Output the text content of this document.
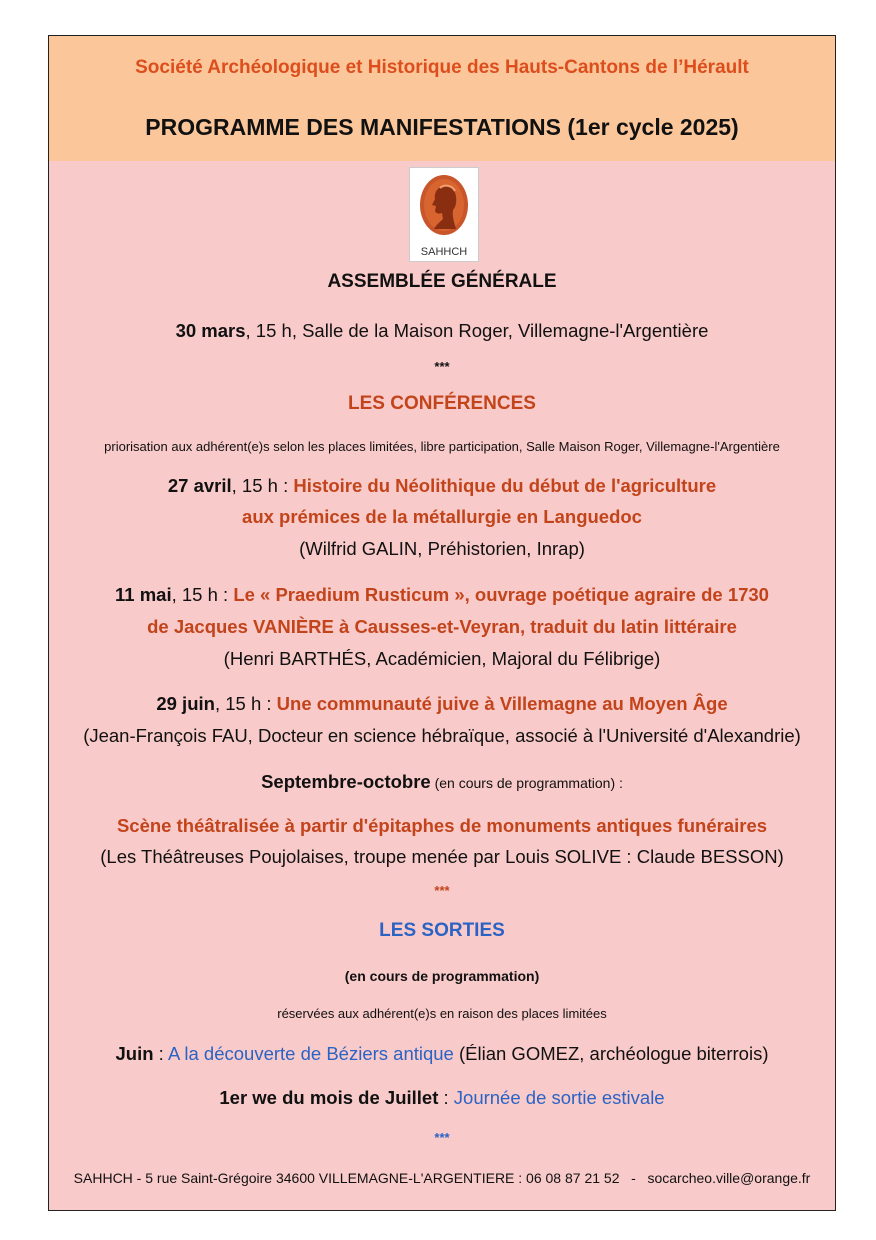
Société Archéologique et Historique des Hauts-Cantons de l’Hérault
PROGRAMME DES MANIFESTATIONS (1er cycle 2025)
SAHHCH
ASSEMBLÉE GÉNÉRALE
30 mars, 15 h, Salle de la Maison Roger, Villemagne-l'Argentière
***
LES CONFÉRENCES
priorisation aux adhérent(e)s selon les places limitées, libre participation, Salle Maison Roger, Villemagne-l'Argentière
27 avril, 15 h : Histoire du Néolithique du début de l'agriculture
aux prémices de la métallurgie en Languedoc
(Wilfrid GALIN, Préhistorien, Inrap)
11 mai, 15 h : Le « Praedium Rusticum », ouvrage poétique agraire de 1730
de Jacques VANIÈRE à Causses-et-Veyran, traduit du latin littéraire
(Henri BARTHÉS, Académicien, Majoral du Félibrige)
29 juin, 15 h : Une communauté juive à Villemagne au Moyen Âge
(Jean-François FAU, Docteur en science hébraïque, associé à l'Université d'Alexandrie)
Septembre-octobre (en cours de programmation) :
Scène théâtralisée à partir d'épitaphes de monuments antiques funéraires
(Les Théâtreuses Poujolaises, troupe menée par Louis SOLIVE : Claude BESSON)
***
LES SORTIES
(en cours de programmation)
réservées aux adhérent(e)s en raison des places limitées
Juin : A la découverte de Béziers antique (Élian GOMEZ, archéologue biterrois)
1er we du mois de Juillet : Journée de sortie estivale
***
SAHHCH - 5 rue Saint-Grégoire 34600 VILLEMAGNE-L'ARGENTIERE : 06 08 87 21 52   -   socarcheo.ville@orange.fr
